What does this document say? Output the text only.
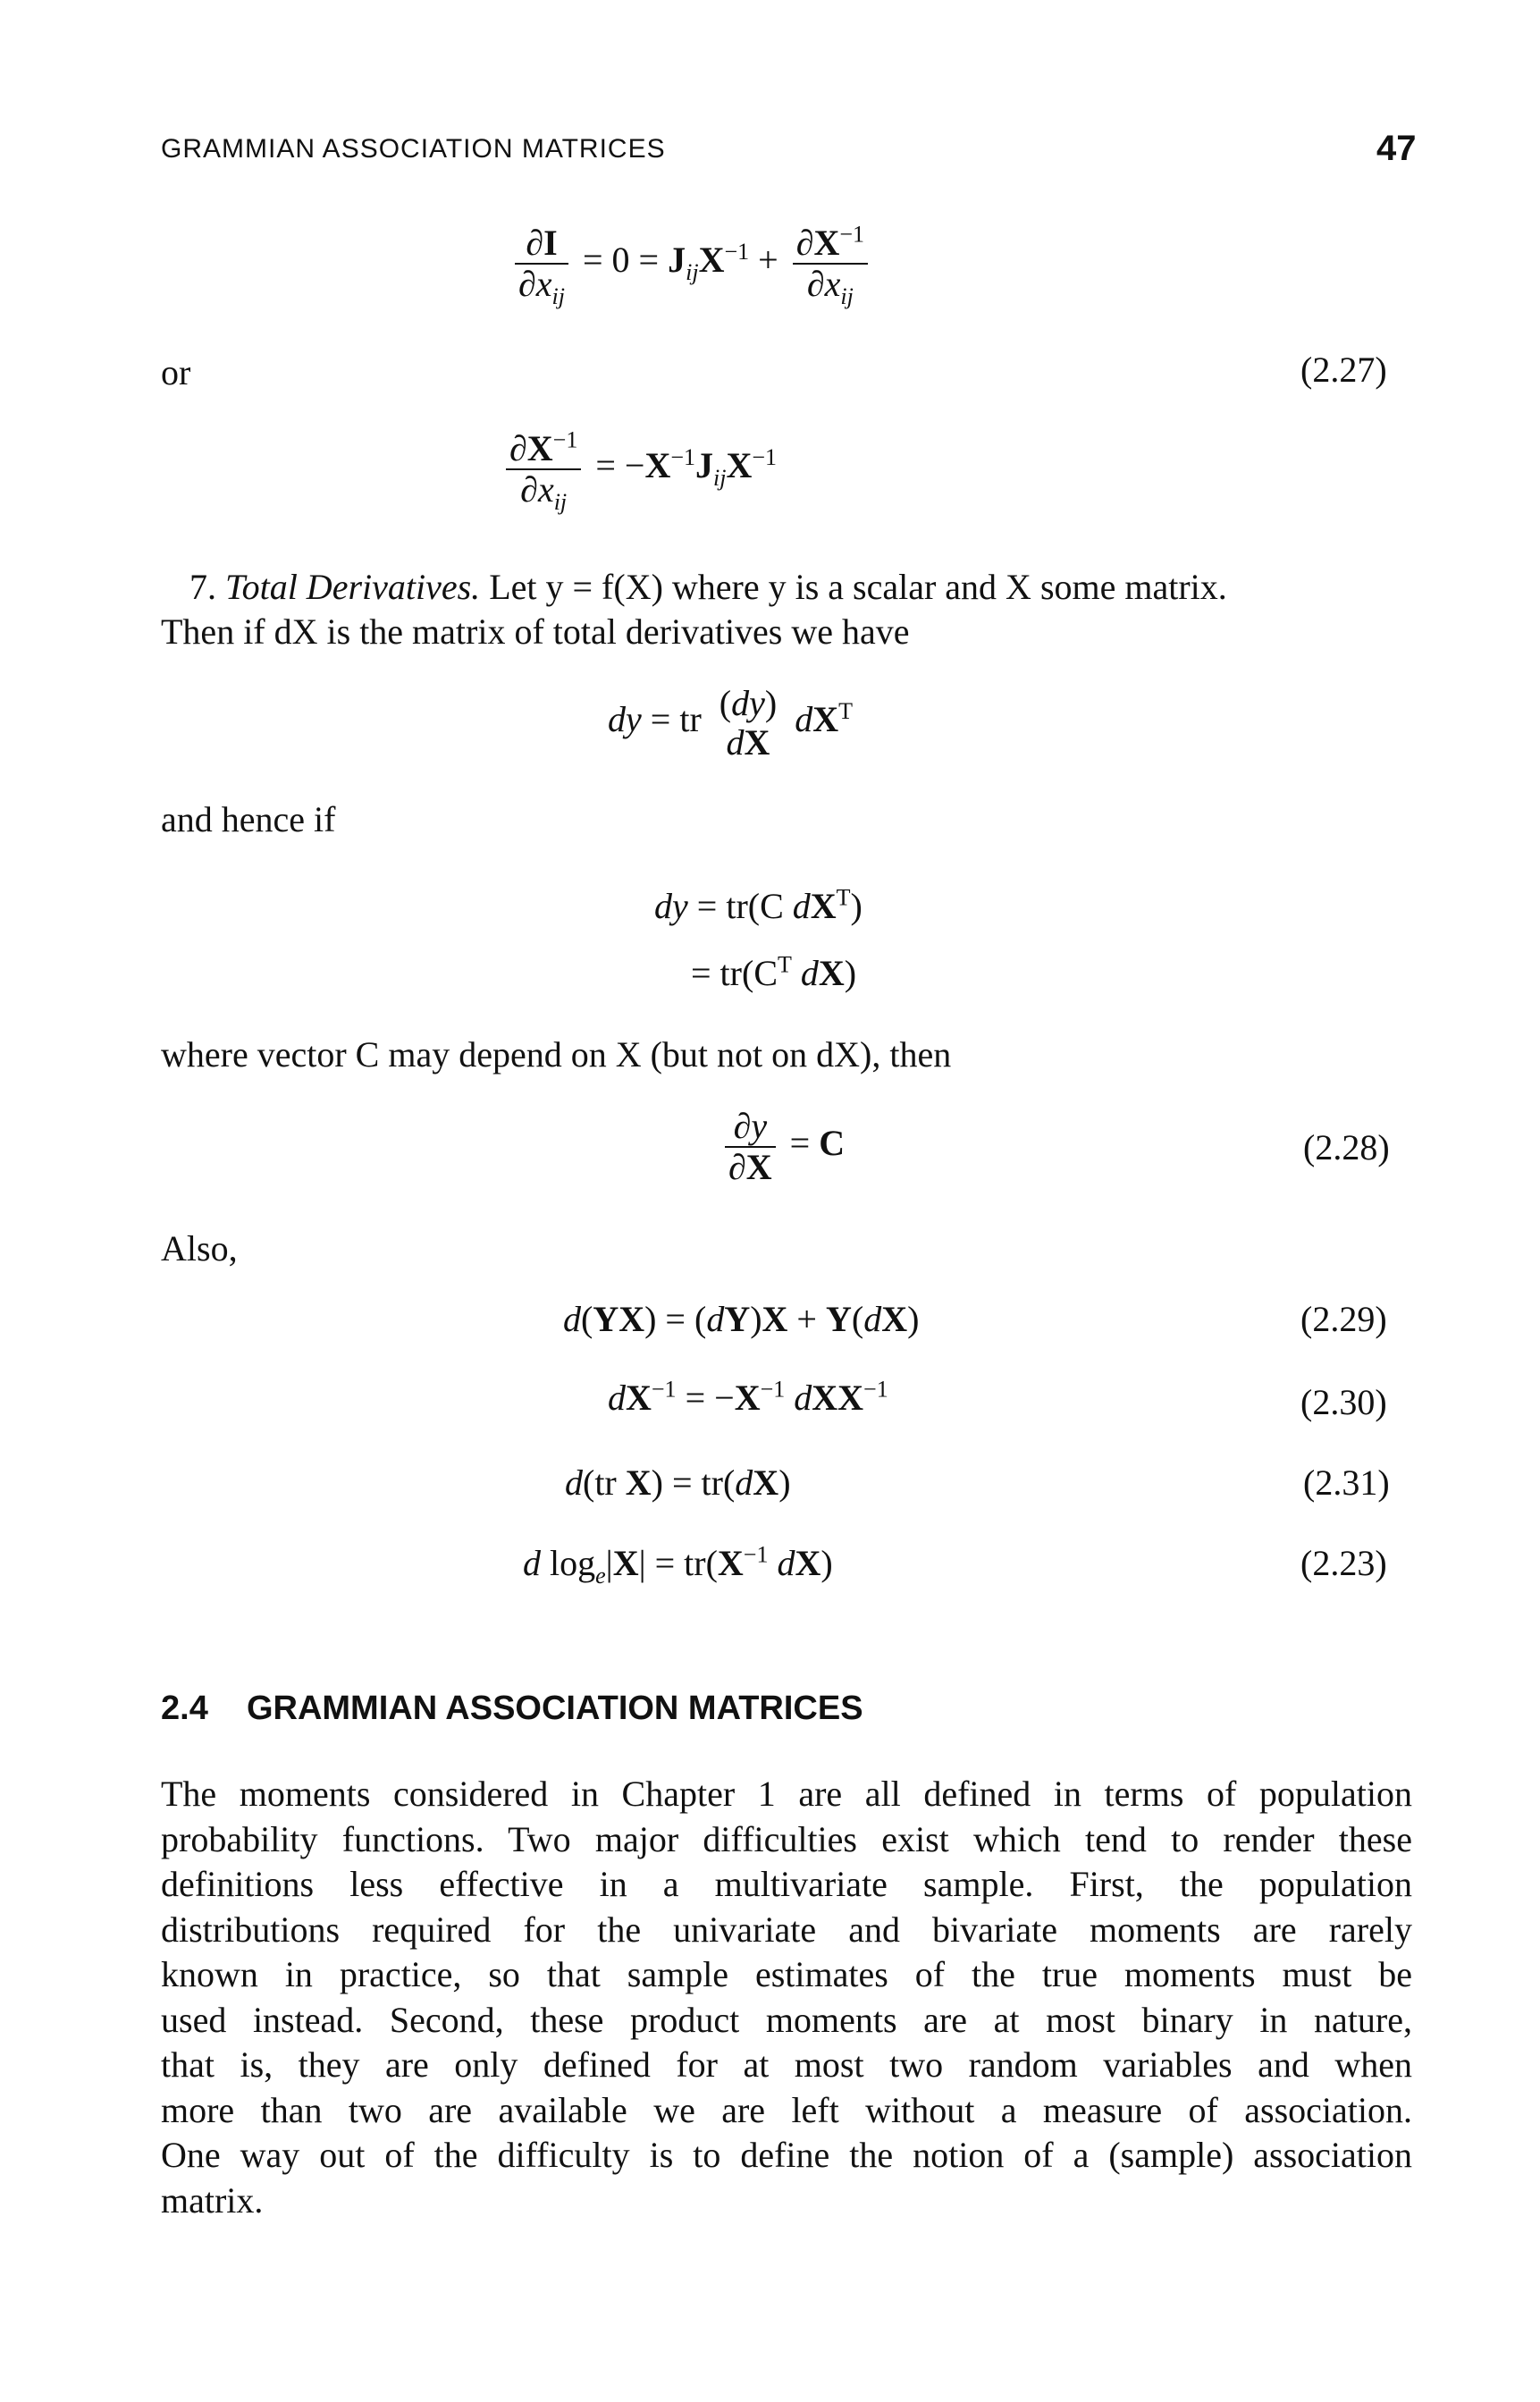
GRAMMIAN ASSOCIATION MATRICES	47
$\frac{\partial I}{\partial x_{ij}} = 0 = J_{ij}X^{-1} + \frac{\partial X^{-1}}{\partial x_{ij}}$
or	(2.27)
$\frac{\partial X^{-1}}{\partial x_{ij}} = -X^{-1}J_{ij}X^{-1}$
7. Total Derivatives. Let y = f(X) where y is a scalar and X some matrix.
Then if dX is the matrix of total derivatives we have
dy = tr (dy)
dX
$dX^T$
and hence if
dy = tr(C $dX^T$)
= $tr(C^T$ dX)
where vector C may depend on X (but not on dX), then
$\frac{\partial y}{\partial X} = C$	(2.28)
Also,
d(YX) = (dY)X + Y(dX)	(2.29)
$dX^{-1} = -X^{-1}$ dXX$^{-1}$	(2.30)
d(tr X) = tr(dX)	(2.31)
d $\log_e|X| = tr(X^{-1}$ dX)	(2.23)
2.4 GRAMMIAN ASSOCIATION MATRICES
The moments considered in Chapter 1 are all defined in terms of population
probability functions. Two major difficulties exist which tend to render these
definitions less effective in a multivariate sample. First, the population
distributions required for the univariate and bivariate moments are rarely
known in practice, so that sample estimates of the true moments must be
used instead. Second, these product moments are at most binary in nature,
that is, they are only defined for at most two random variables and when
more than two are available we are left without a measure of association.
One way out of the difficulty is to define the notion of a (sample) association
matrix.
